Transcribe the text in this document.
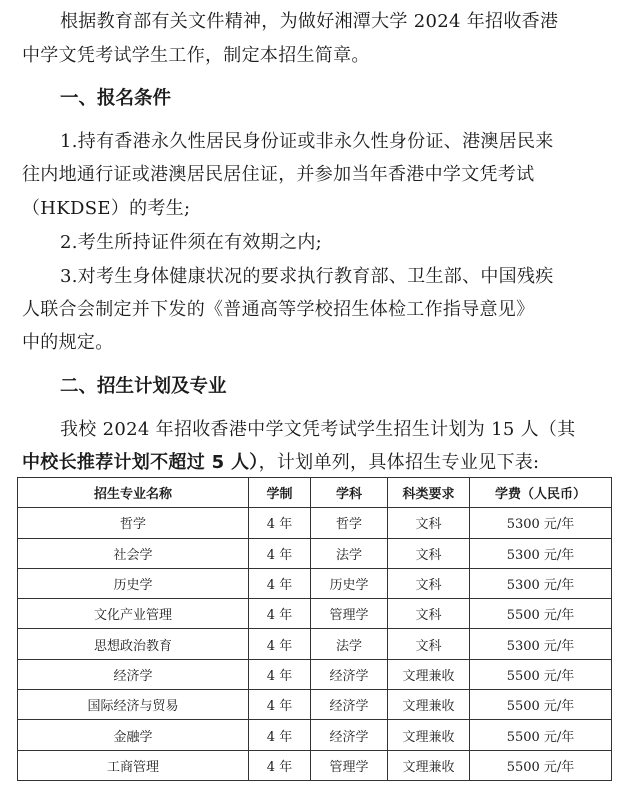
根据教育部有关文件精神，为做好湘潭大学 2024 年招收香港
中学文凭考试学生工作，制定本招生简章。
一、报名条件
1.持有香港永久性居民身份证或非永久性身份证、港澳居民来
往内地通行证或港澳居民居住证，并参加当年香港中学文凭考试
（HKDSE）的考生;
2.考生所持证件须在有效期之内;
3.对考生身体健康状况的要求执行教育部、卫生部、中国残疾
人联合会制定并下发的《普通高等学校招生体检工作指导意见》
中的规定。
二、招生计划及专业
我校 2024 年招收香港中学文凭考试学生招生计划为 15 人（其
中校长推荐计划不超过 5 人），计划单列，具体招生专业见下表:
招生专业名称	学制	学科	科类要求	学费（人民币）
哲学	4 年	哲学	文科	5300 元/年
社会学	4 年	法学	文科	5300 元/年
历史学	4 年	历史学	文科	5300 元/年
文化产业管理	4 年	管理学	文科	5500 元/年
思想政治教育	4 年	法学	文科	5300 元/年
经济学	4 年	经济学	文理兼收	5500 元/年
国际经济与贸易	4 年	经济学	文理兼收	5500 元/年
金融学	4 年	经济学	文理兼收	5500 元/年
工商管理	4 年	管理学	文理兼收	5500 元/年
